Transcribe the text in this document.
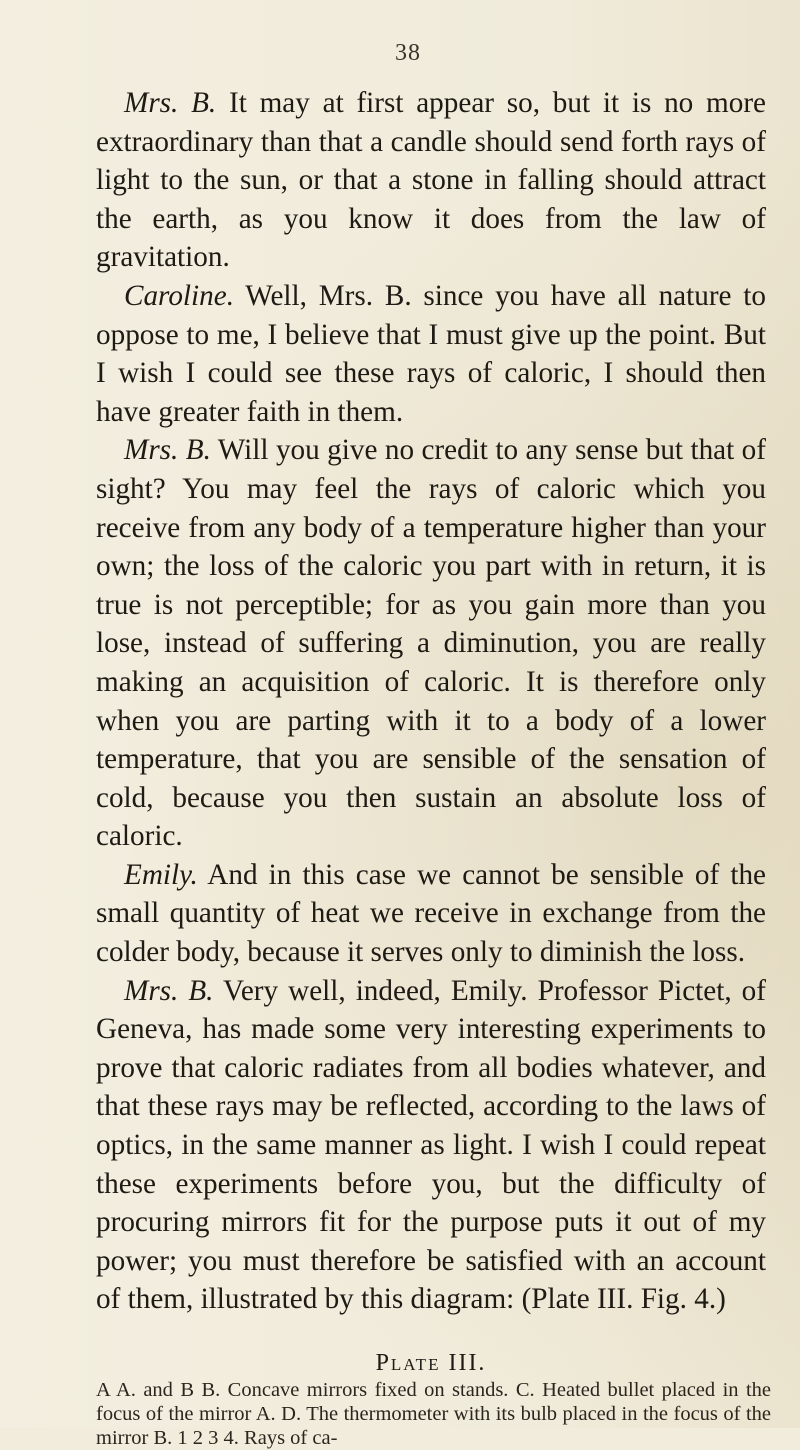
38

Mrs. B. It may at first appear so, but it is no more extraordinary than that a candle should send forth rays of light to the sun, or that a stone in falling should attract the earth, as you know it does from the law of gravitation.

Caroline. Well, Mrs. B. since you have all nature to oppose to me, I believe that I must give up the point. But I wish I could see these rays of caloric, I should then have greater faith in them.

Mrs. B. Will you give no credit to any sense but that of sight? You may feel the rays of caloric which you receive from any body of a temperature higher than your own; the loss of the caloric you part with in return, it is true is not perceptible; for as you gain more than you lose, instead of suffering a diminution, you are really making an acquisition of caloric. It is therefore only when you are parting with it to a body of a lower temperature, that you are sensible of the sensation of cold, because you then sustain an absolute loss of caloric.

Emily. And in this case we cannot be sensible of the small quantity of heat we receive in exchange from the colder body, because it serves only to diminish the loss.

Mrs. B. Very well, indeed, Emily. Professor Pictet, of Geneva, has made some very interesting experiments to prove that caloric radiates from all bodies whatever, and that these rays may be reflected, according to the laws of optics, in the same manner as light. I wish I could repeat these experiments before you, but the difficulty of procuring mirrors fit for the purpose puts it out of my power; you must therefore be satisfied with an account of them, illustrated by this diagram: (Plate III. Fig. 4.)

Plate III.
A A. and B B. Concave mirrors fixed on stands. C. Heated bullet placed in the focus of the mirror A. D. The thermometer with its bulb placed in the focus of the mirror B. 1 2 3 4. Rays of ca-
